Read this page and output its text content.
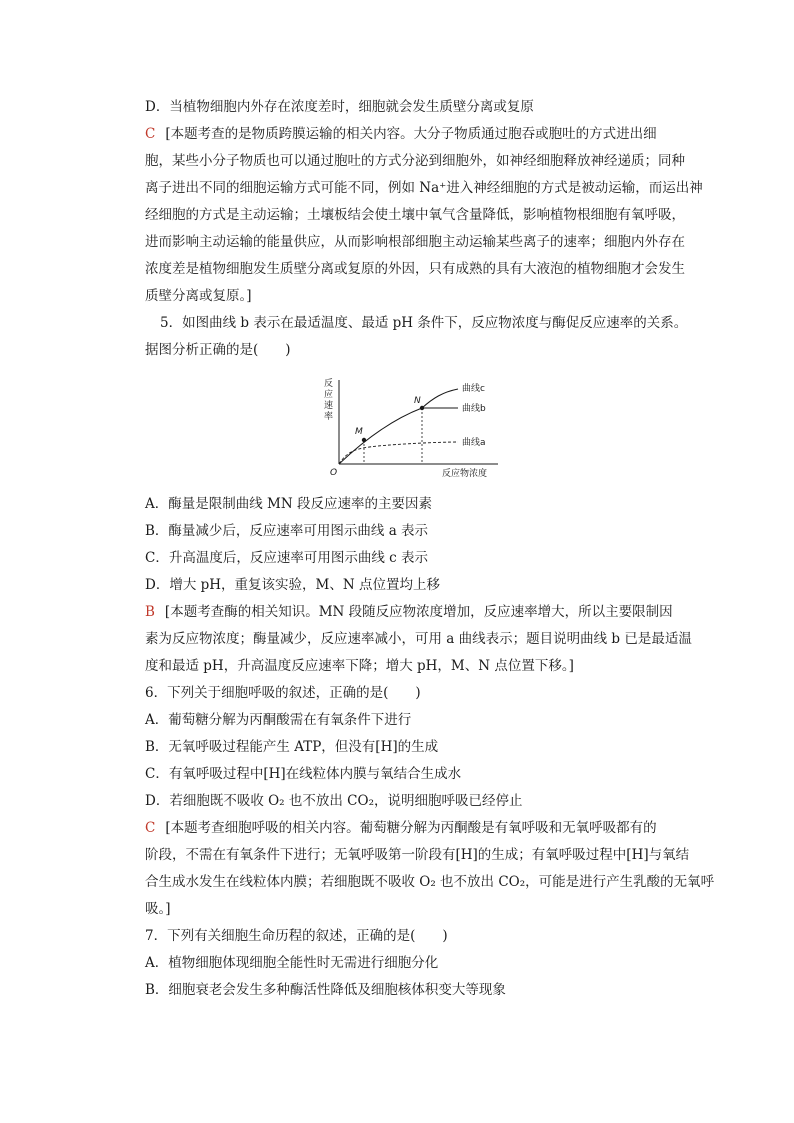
D．当植物细胞内外存在浓度差时，细胞就会发生质壁分离或复原
C [本题考查的是物质跨膜运输的相关内容。大分子物质通过胞吞或胞吐的方式进出细
胞，某些小分子物质也可以通过胞吐的方式分泌到细胞外，如神经细胞释放神经递质；同种
离子进出不同的细胞运输方式可能不同，例如 Na⁺进入神经细胞的方式是被动运输，而运出神
经细胞的方式是主动运输；土壤板结会使土壤中氧气含量降低，影响植物根细胞有氧呼吸，
进而影响主动运输的能量供应，从而影响根部细胞主动运输某些离子的速率；细胞内外存在
浓度差是植物细胞发生质壁分离或复原的外因，只有成熟的具有大液泡的植物细胞才会发生
质壁分离或复原。]
5．如图曲线 b 表示在最适温度、最适 pH 条件下，反应物浓度与酶促反应速率的关系。
据图分析正确的是(　　)
反
应
速
率
O	反应物浓度
M
N
曲线c
曲线b
曲线a
A．酶量是限制曲线 MN 段反应速率的主要因素
B．酶量减少后，反应速率可用图示曲线 a 表示
C．升高温度后，反应速率可用图示曲线 c 表示
D．增大 pH，重复该实验，M、N 点位置均上移
B [本题考查酶的相关知识。MN 段随反应物浓度增加，反应速率增大，所以主要限制因
素为反应物浓度；酶量减少，反应速率减小，可用 a 曲线表示；题目说明曲线 b 已是最适温
度和最适 pH，升高温度反应速率下降；增大 pH，M、N 点位置下移。]
6．下列关于细胞呼吸的叙述，正确的是(　　)
A．葡萄糖分解为丙酮酸需在有氧条件下进行
B．无氧呼吸过程能产生 ATP，但没有[H]的生成
C．有氧呼吸过程中[H]在线粒体内膜与氧结合生成水
D．若细胞既不吸收 O₂ 也不放出 CO₂，说明细胞呼吸已经停止
C [本题考查细胞呼吸的相关内容。葡萄糖分解为丙酮酸是有氧呼吸和无氧呼吸都有的
阶段，不需在有氧条件下进行；无氧呼吸第一阶段有[H]的生成；有氧呼吸过程中[H]与氧结
合生成水发生在线粒体内膜；若细胞既不吸收 O₂ 也不放出 CO₂，可能是进行产生乳酸的无氧呼
吸。]
7．下列有关细胞生命历程的叙述，正确的是(　　)
A．植物细胞体现细胞全能性时无需进行细胞分化
B．细胞衰老会发生多种酶活性降低及细胞核体积变大等现象
